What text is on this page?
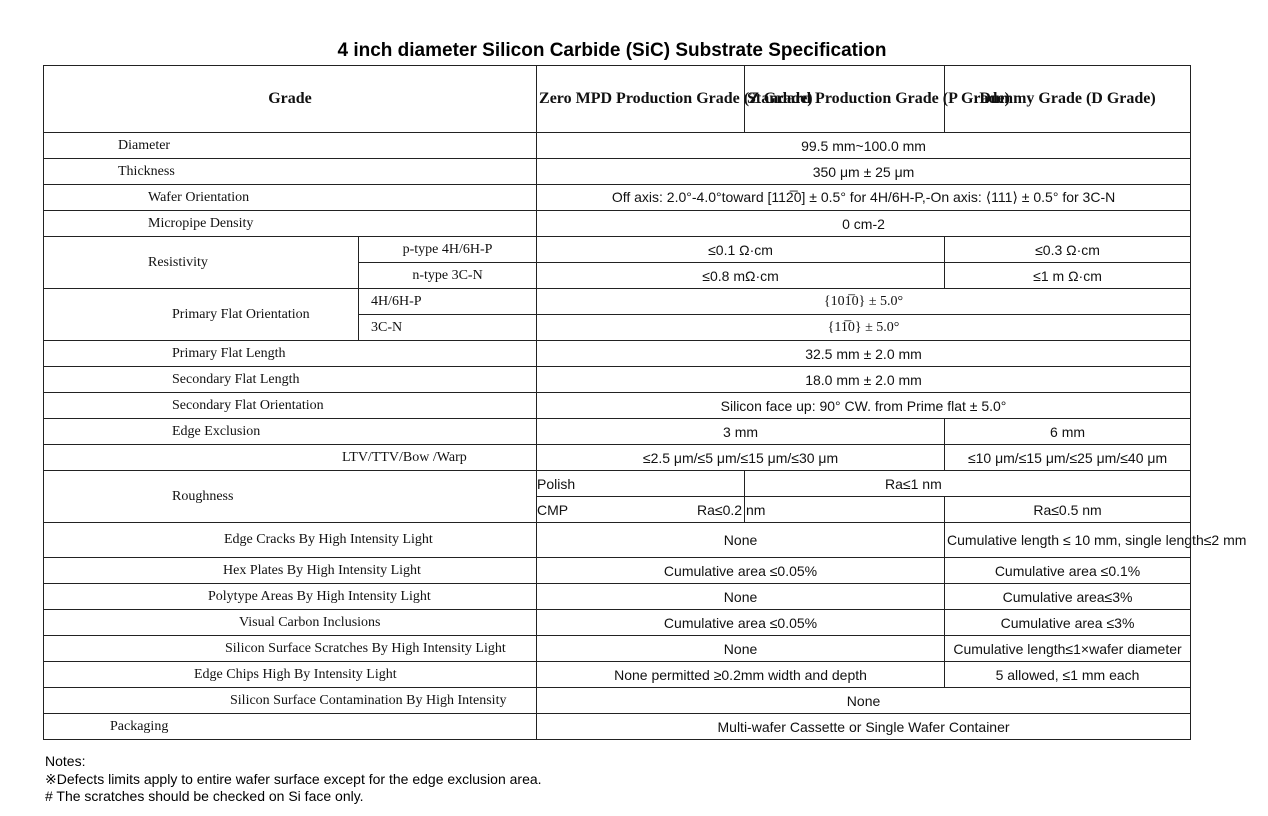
4 inch diameter Silicon Carbide (SiC) Substrate Specification
Grade		Zero MPD Production Grade (Z Grade)	Standard Production Grade (P Grade)	Dummy Grade (D Grade)
Diameter		99.5 mm~100.0 mm		
Thickness		350 μm ± 25 μm		
Wafer Orientation		Off axis: 2.0°-4.0°toward [112̅0] ± 0.5° for 4H/6H-P,-On axis: ⟨111⟩ ± 0.5° for 3C-N		
Micropipe Density		0 cm-2		
Resistivity	p-type 4H/6H-P	≤0.1 Ω·cm		≤0.3 Ω·cm
	n-type 3C-N	≤0.8 mΩ·cm		≤1 m Ω·cm
Primary Flat Orientation	4H/6H-P	{101̅0} ± 5.0°		
	3C-N	{11̅0} ± 5.0°		
Primary Flat Length		32.5 mm ± 2.0 mm		
Secondary Flat Length		18.0 mm ± 2.0 mm		
Secondary Flat Orientation		Silicon face up: 90° CW. from Prime flat ± 5.0°		
Edge Exclusion		3 mm		6 mm
LTV/TTV/Bow /Warp		≤2.5 μm/≤5 μm/≤15 μm/≤30 μm		≤10 μm/≤15 μm/≤25 μm/≤40 μm
Roughness		Polish	Ra≤1 nm	
		CMP Ra≤0.2 nm		Ra≤0.5 nm
Edge Cracks By High Intensity Light		None		Cumulative length ≤ 10 mm, single length≤2 mm
Hex Plates By High Intensity Light		Cumulative area ≤0.05%		Cumulative area ≤0.1%
Polytype Areas By High Intensity Light		None		Cumulative area≤3%
Visual Carbon Inclusions		Cumulative area ≤0.05%		Cumulative area ≤3%
Silicon Surface Scratches By High Intensity Light		None		Cumulative length≤1×wafer diameter
Edge Chips High By Intensity Light		None permitted ≥0.2mm width and depth		5 allowed, ≤1 mm each
Silicon Surface Contamination By High Intensity		None		
Packaging		Multi-wafer Cassette or Single Wafer Container		
Notes:
※Defects limits apply to entire wafer surface except for the edge exclusion area.
# The scratches should be checked on Si face only.
